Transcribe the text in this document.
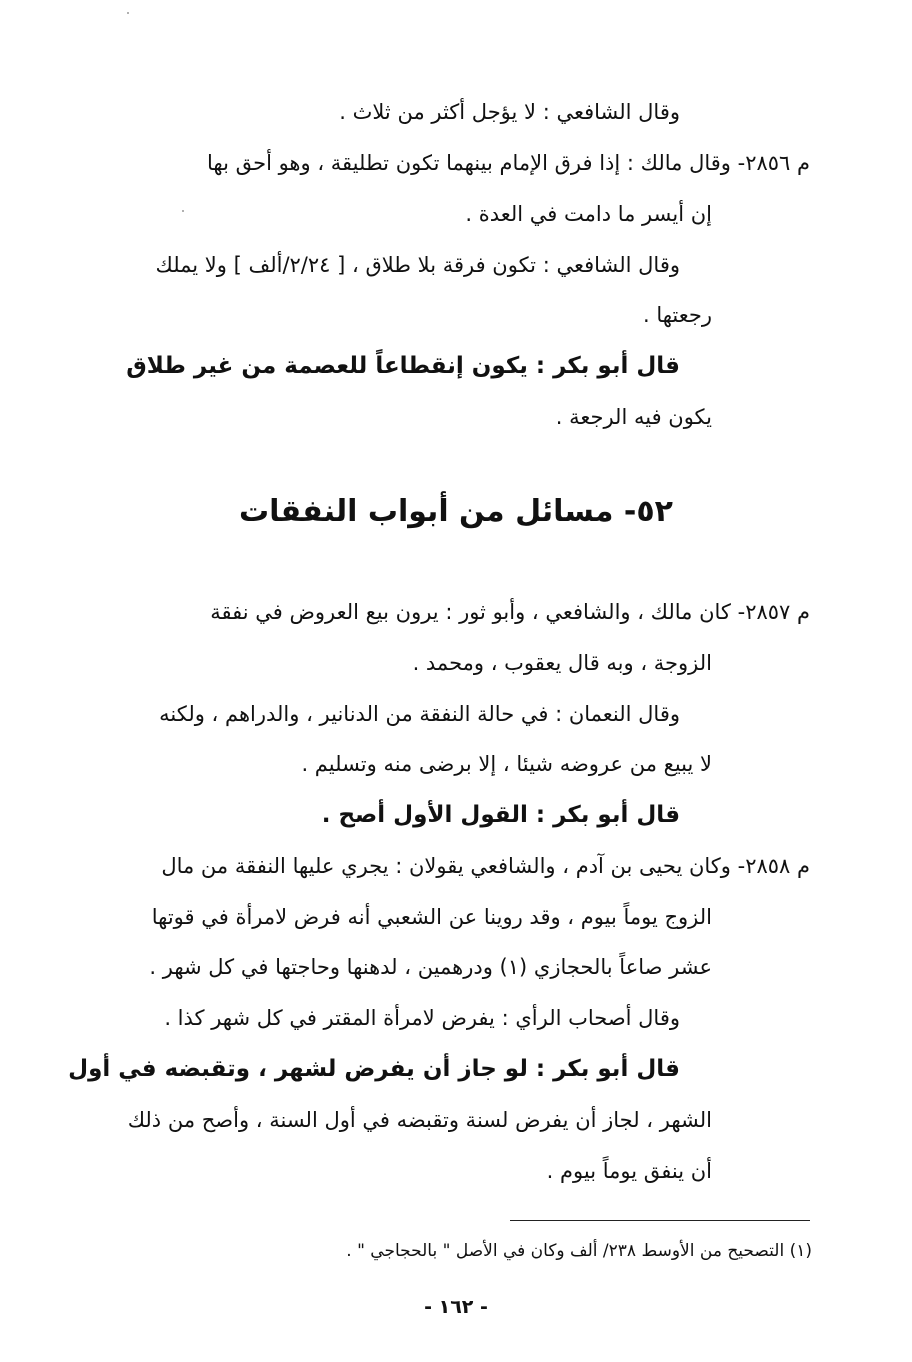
وقال الشافعي : لا يؤجل أكثر من ثلاث .
م ٢٨٥٦- وقال مالك : إذا فرق الإمام بينهما تكون تطليقة ، وهو أحق بها
إن أيسر ما دامت في العدة .
وقال الشافعي : تكون فرقة بلا طلاق ، [ ٢/٢٤/ألف ] ولا يملك
رجعتها .
قال أبو بكر : يكون إنقطاعاً للعصمة من غير طلاق
يكون فيه الرجعة .
٥٢- مسائل من أبواب النفقات
م ٢٨٥٧- كان مالك ، والشافعي ، وأبو ثور : يرون بيع العروض في نفقة
الزوجة ، وبه قال يعقوب ، ومحمد .
وقال النعمان : في حالة النفقة من الدنانير ، والدراهم ، ولكنه
لا يبيع من عروضه شيئا ، إلا برضى منه وتسليم .
قال أبو بكر : القول الأول أصح .
م ٢٨٥٨- وكان يحيى بن آدم ، والشافعي يقولان : يجري عليها النفقة من مال
الزوج يوماً بيوم ، وقد روينا عن الشعبي أنه فرض لامرأة في قوتها
عشر صاعاً بالحجازي (١) ودرهمين ، لدهنها وحاجتها في كل شهر .
وقال أصحاب الرأي : يفرض لامرأة المقتر في كل شهر كذا .
قال أبو بكر : لو جاز أن يفرض لشهر ، وتقبضه في أول
الشهر ، لجاز أن يفرض لسنة وتقبضه في أول السنة ، وأصح من ذلك
أن ينفق يوماً بيوم .
(١) التصحيح من الأوسط ٢٣٨/ ألف وكان في الأصل " بالحجاجي " .
- ١٦٢ -
